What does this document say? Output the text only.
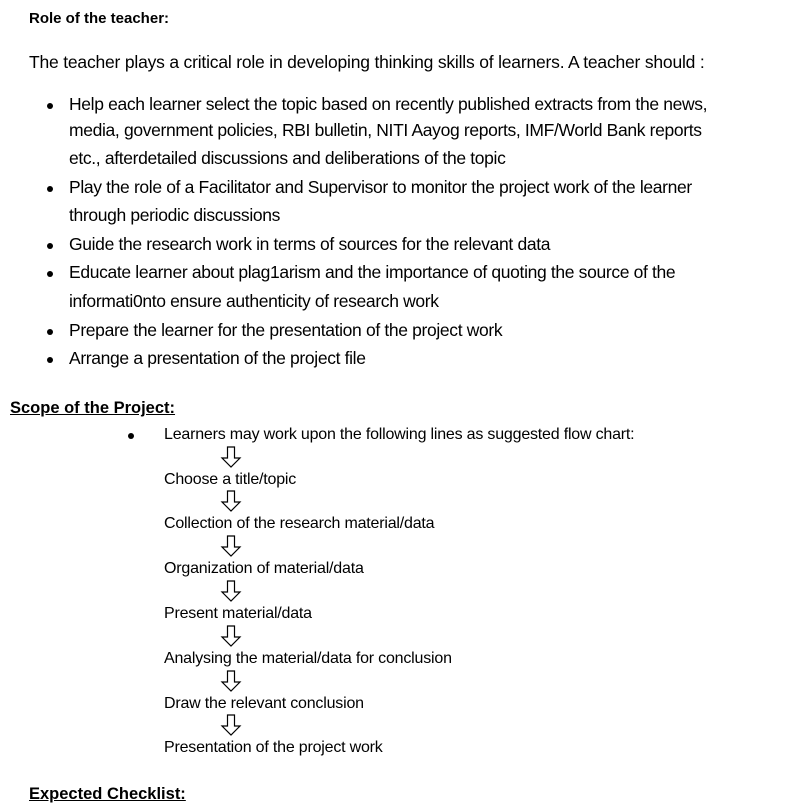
Role of the teacher:
The teacher plays a critical role in developing thinking skills of learners. A teacher should :
Help each learner select the topic based on recently published extracts from the news,
media, government policies, RBI bulletin, NITI Aayog reports, IMF/World Bank reports
etc., afterdetailed discussions and deliberations of the topic
Play the role of a Facilitator and Supervisor to monitor the project work of the learner
through periodic discussions
Guide the research work in terms of sources for the relevant data
Educate learner about plag1arism and the importance of quoting the source of the
informati0nto ensure authenticity of research work
Prepare the learner for the presentation of the project work
Arrange a presentation of the project file
Scope of the Project:
Learners may work upon the following lines as suggested flow chart:
Choose a title/topic
Collection of the research material/data
Organization of material/data
Present material/data
Analysing the material/data for conclusion
Draw the relevant conclusion
Presentation of the project work
Expected Checklist:
